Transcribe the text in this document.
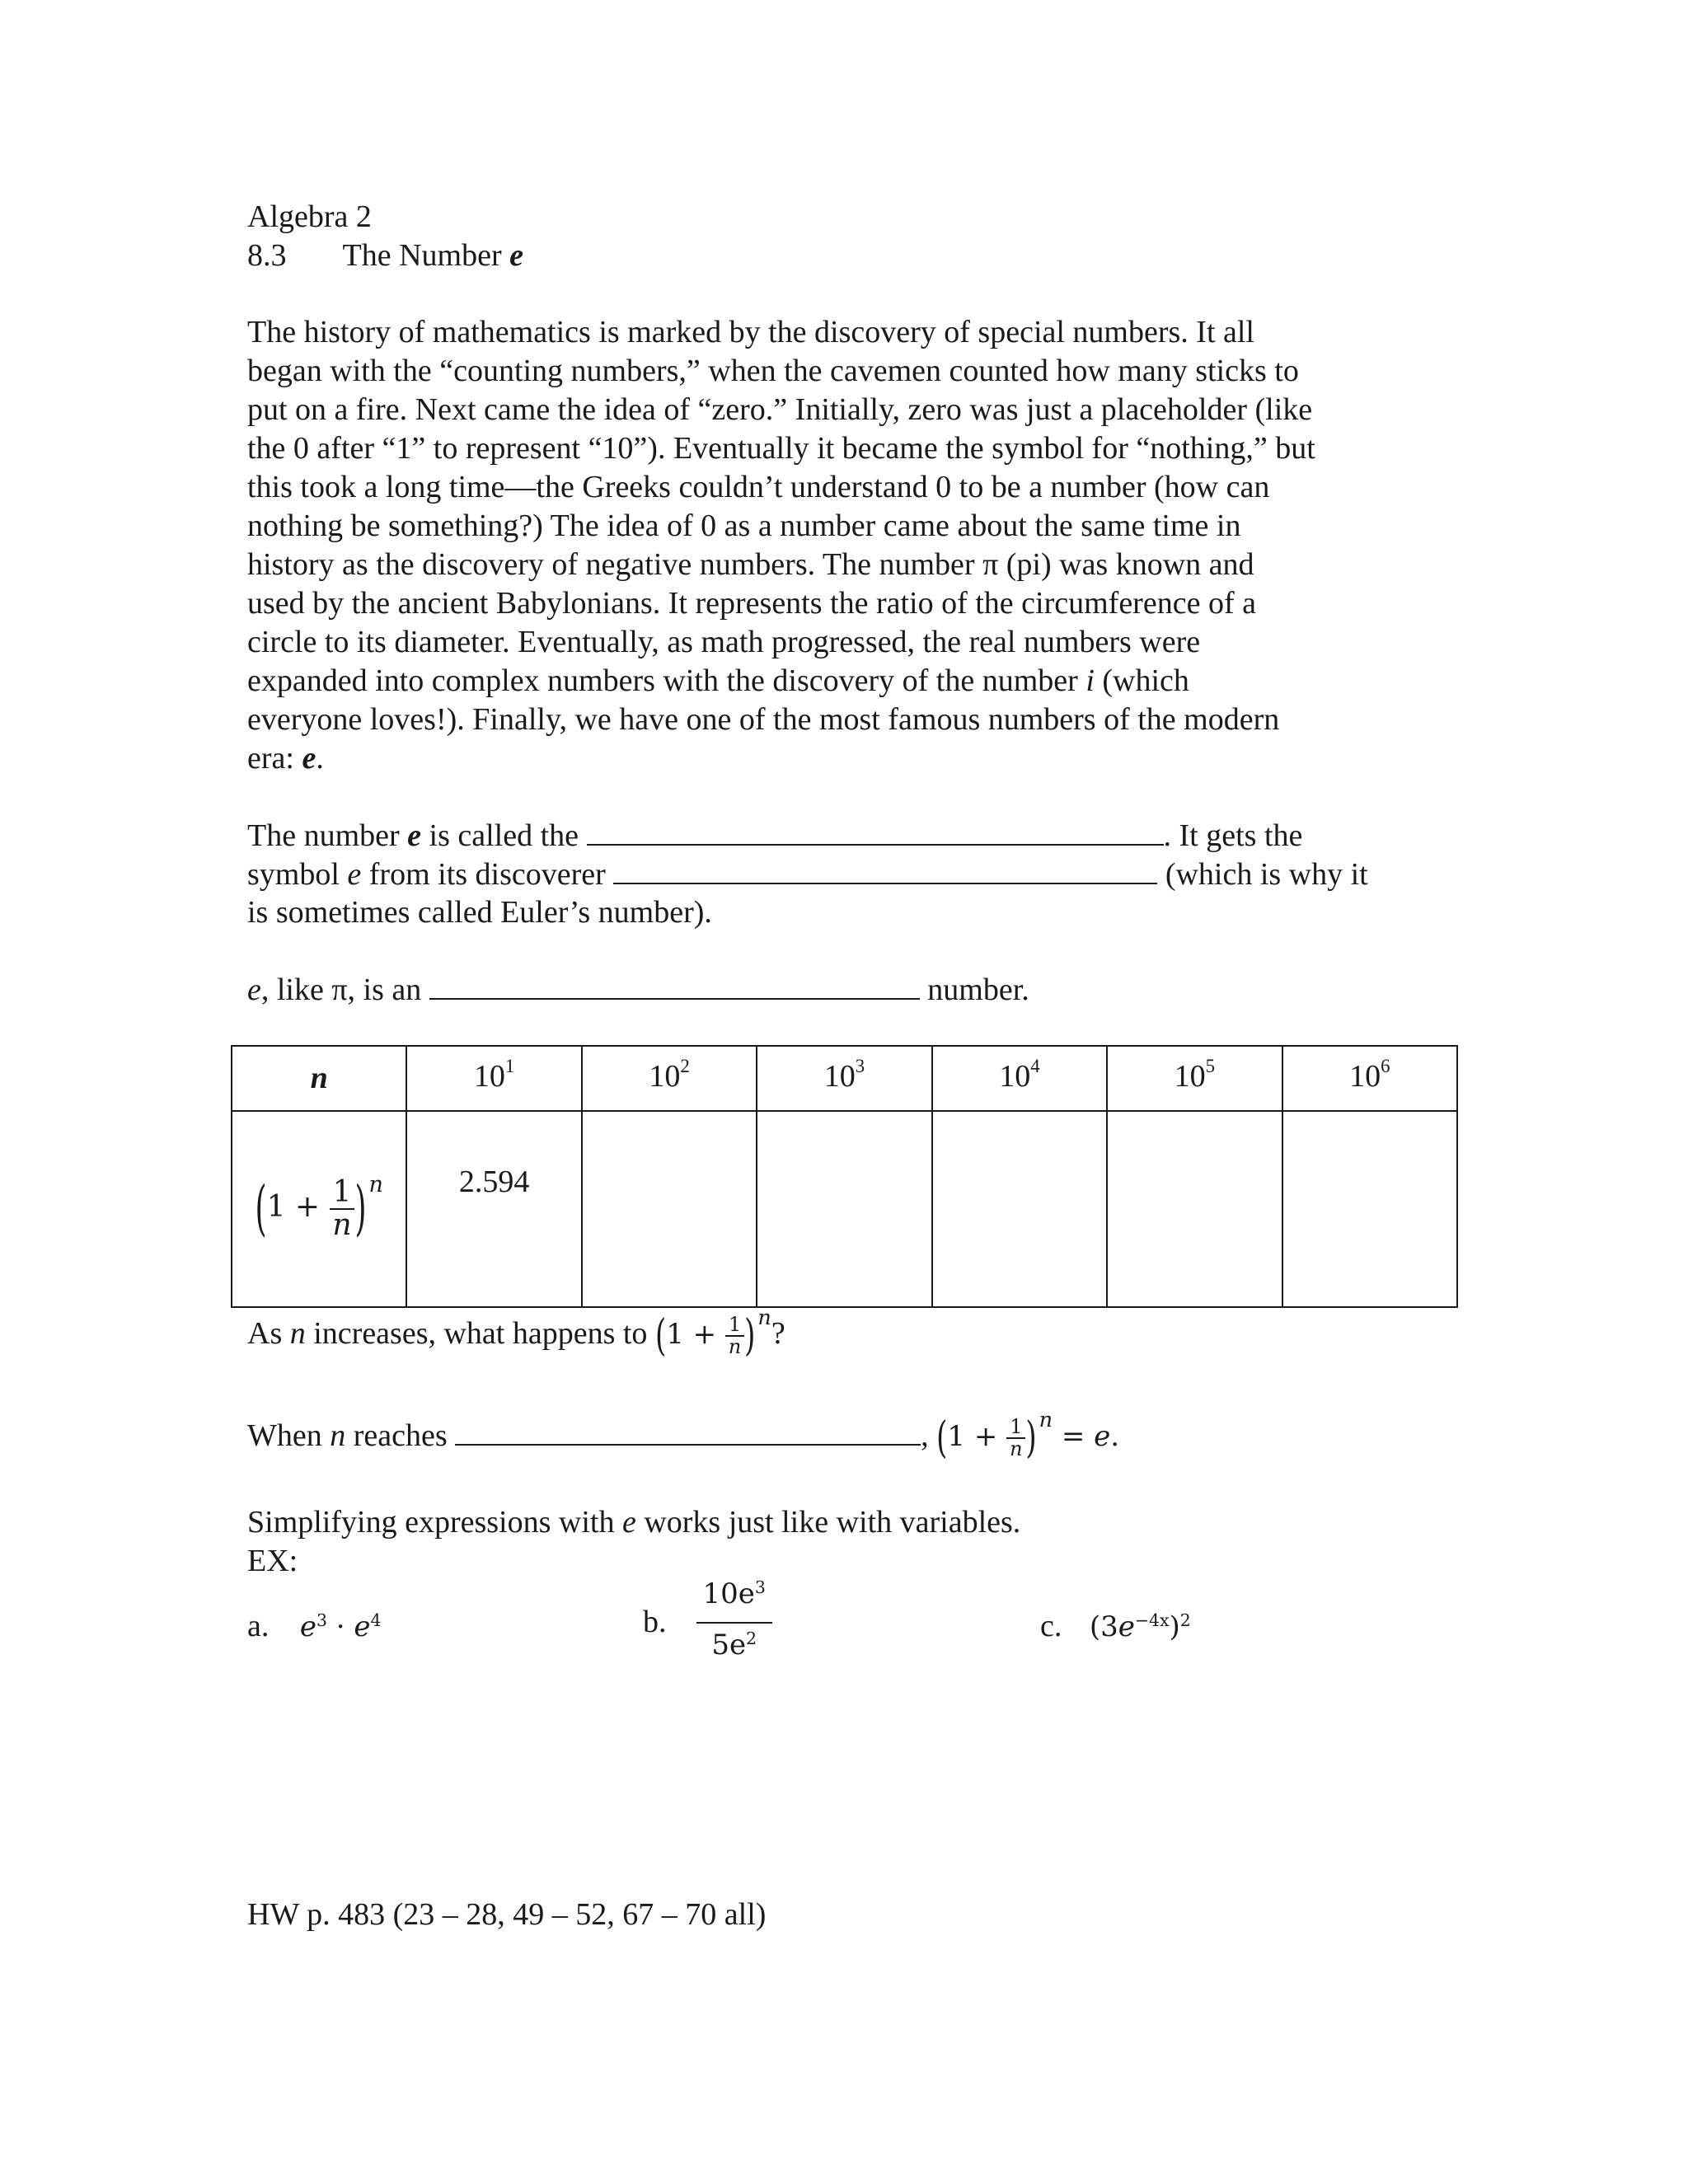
Algebra 2
8.3 The Number e
The history of mathematics is marked by the discovery of special numbers. It all
began with the “counting numbers,” when the cavemen counted how many sticks to
put on a fire. Next came the idea of “zero.” Initially, zero was just a placeholder (like
the 0 after “1” to represent “10”). Eventually it became the symbol for “nothing,” but
this took a long time—the Greeks couldn’t understand 0 to be a number (how can
nothing be something?) The idea of 0 as a number came about the same time in
history as the discovery of negative numbers. The number π (pi) was known and
used by the ancient Babylonians. It represents the ratio of the circumference of a
circle to its diameter. Eventually, as math progressed, the real numbers were
expanded into complex numbers with the discovery of the number i (which
everyone loves!). Finally, we have one of the most famous numbers of the modern
era: e.
The number e is called the	. It gets the
symbol e from its discoverer	(which is why it
is sometimes called Euler’s number).
e, like π, is an	number.
n	$10^1$	$10^2$	$10^3$	$10^4$	$10^5$	$10^6$
($1 + \frac{1}{n}$ ) $^n$	2.594					
As n increases, what happens to ($1 + \frac{1}{n}$ ) $^n$?
When n reaches	, ($1 + \frac{1}{n}$ ) $^n$ = e.
Simplifying expressions with e works just like with variables.
EX:
a. $e^3 \cdot e^4$	b. $\frac{10e^3}{5e^2}$	c. $(3e^{-4x})^2$
HW p. 483 (23 – 28, 49 – 52, 67 – 70 all)
